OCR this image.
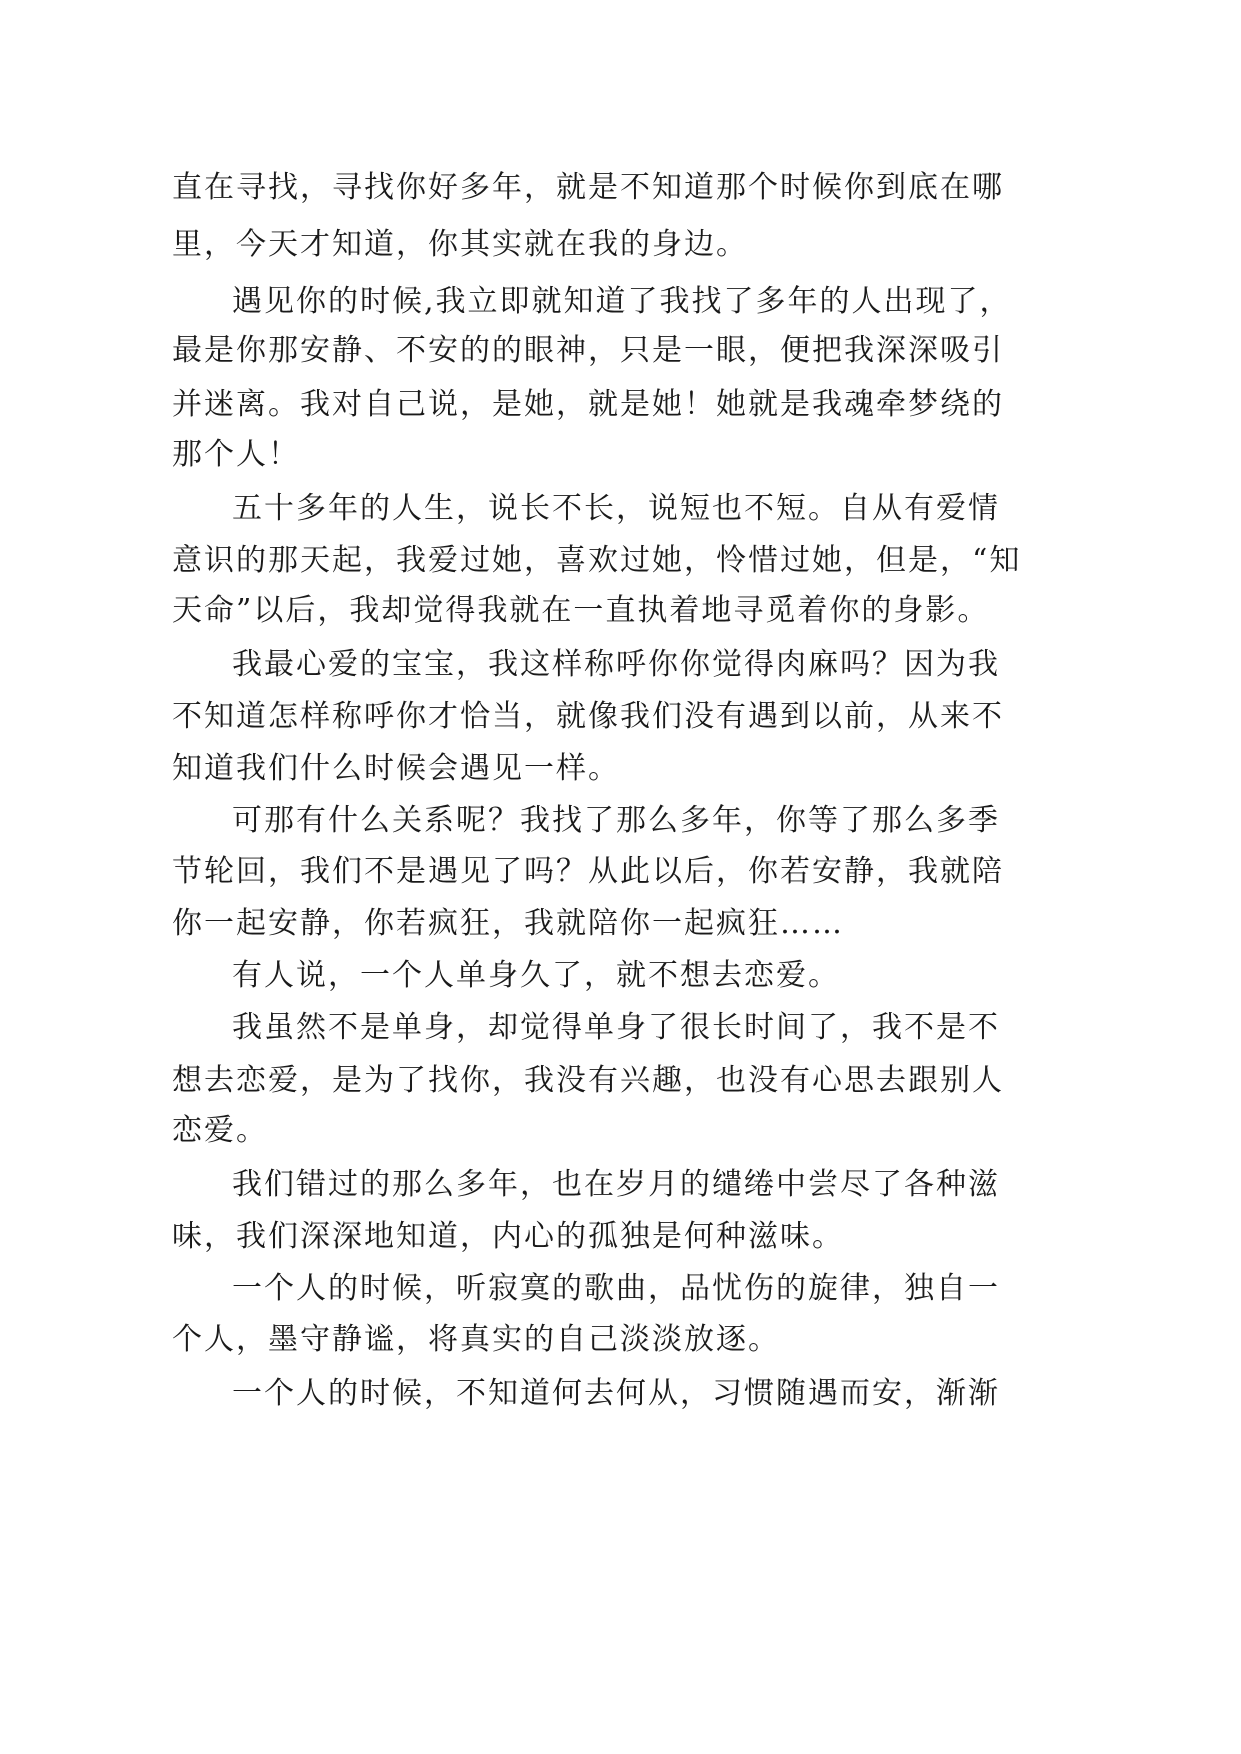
直在寻找，寻找你好多年，就是不知道那个时候你到底在哪
里，今天才知道，你其实就在我的身边。
遇见你的时候,我立即就知道了我找了多年的人出现了，
最是你那安静、不安的的眼神，只是一眼，便把我深深吸引
并迷离。我对自己说，是她，就是她！她就是我魂牵梦绕的
那个人！
五十多年的人生，说长不长，说短也不短。自从有爱情
意识的那天起，我爱过她，喜欢过她，怜惜过她，但是，“知
天命”以后，我却觉得我就在一直执着地寻觅着你的身影。
我最心爱的宝宝，我这样称呼你你觉得肉麻吗？因为我
不知道怎样称呼你才恰当，就像我们没有遇到以前，从来不
知道我们什么时候会遇见一样。
可那有什么关系呢？我找了那么多年，你等了那么多季
节轮回，我们不是遇见了吗？从此以后，你若安静，我就陪
你一起安静，你若疯狂，我就陪你一起疯狂……
有人说，一个人单身久了，就不想去恋爱。
我虽然不是单身，却觉得单身了很长时间了，我不是不
想去恋爱，是为了找你，我没有兴趣，也没有心思去跟别人
恋爱。
我们错过的那么多年，也在岁月的缱绻中尝尽了各种滋
味，我们深深地知道，内心的孤独是何种滋味。
一个人的时候，听寂寞的歌曲，品忧伤的旋律，独自一
个人，墨守静谧，将真实的自己淡淡放逐。
一个人的时候，不知道何去何从，习惯随遇而安，渐渐
